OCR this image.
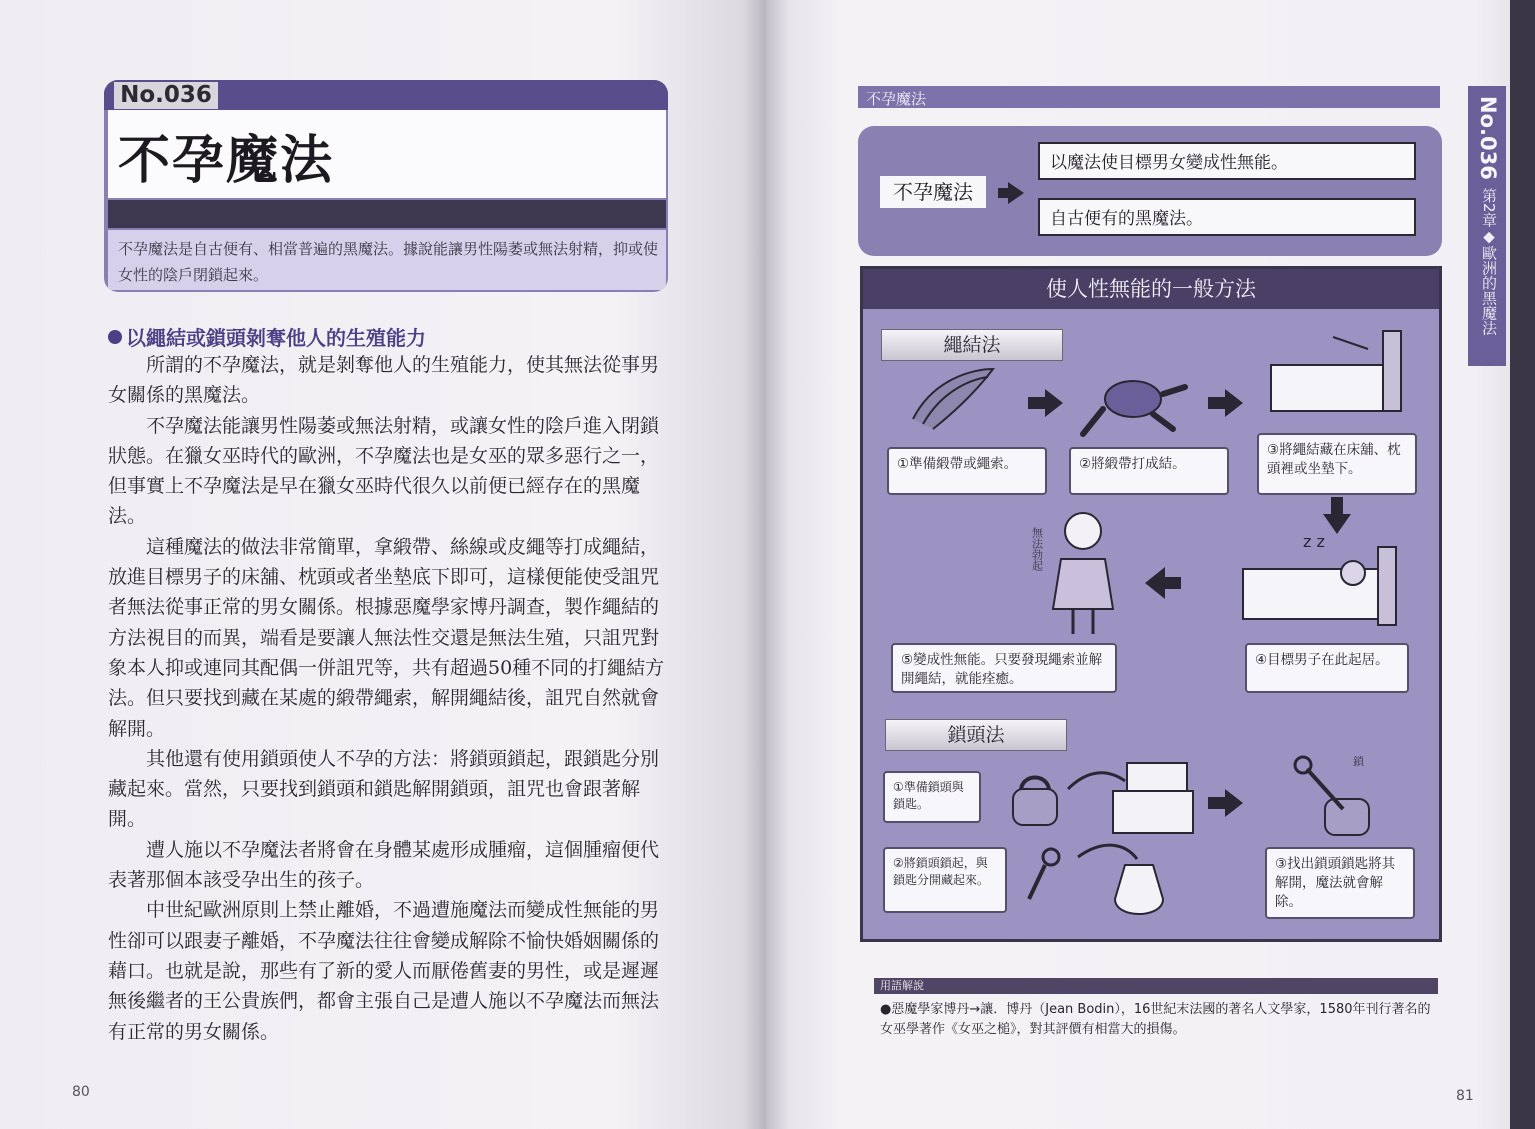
No.036
不孕魔法
不孕魔法是自古便有、相當普遍的黑魔法。據說能讓男性陽萎或無法射精，抑或使女性的陰戶閉鎖起來。
以繩結或鎖頭剝奪他人的生殖能力

所謂的不孕魔法，就是剝奪他人的生殖能力，使其無法從事男女關係的黑魔法。

不孕魔法能讓男性陽萎或無法射精，或讓女性的陰戶進入閉鎖狀態。在獵女巫時代的歐洲，不孕魔法也是女巫的眾多惡行之一，但事實上不孕魔法是早在獵女巫時代很久以前便已經存在的黑魔法。

這種魔法的做法非常簡單，拿緞帶、絲線或皮繩等打成繩結，放進目標男子的床舖、枕頭或者坐墊底下即可，這樣便能使受詛咒者無法從事正常的男女關係。根據惡魔學家博丹調查，製作繩結的方法視目的而異，端看是要讓人無法性交還是無法生殖，只詛咒對象本人抑或連同其配偶一併詛咒等，共有超過50種不同的打繩結方法。但只要找到藏在某處的緞帶繩索，解開繩結後，詛咒自然就會解開。

其他還有使用鎖頭使人不孕的方法：將鎖頭鎖起，跟鎖匙分別藏起來。當然，只要找到鎖頭和鎖匙解開鎖頭，詛咒也會跟著解開。

遭人施以不孕魔法者將會在身體某處形成腫瘤，這個腫瘤便代表著那個本該受孕出生的孩子。

中世紀歐洲原則上禁止離婚，不過遭施魔法而變成性無能的男性卻可以跟妻子離婚，不孕魔法往往會變成解除不愉快婚姻關係的藉口。也就是說，那些有了新的愛人而厭倦舊妻的男性，或是遲遲無後繼者的王公貴族們，都會主張自己是遭人施以不孕魔法而無法有正常的男女關係。

80
不孕魔法	No.036
第2章◆歐洲的黑魔法
不孕魔法
以魔法使目標男女變成性無能。
自古便有的黑魔法。
使人性無能的一般方法
繩結法
z z
無法勃起
鎖
①準備緞帶或繩索。	②將緞帶打成結。
③將繩結藏在床舖、枕頭裡或坐墊下。
④目標男子在此起居。
⑤變成性無能。只要發現繩索並解開繩結，就能痊癒。
鎖頭法
①準備鎖頭與鎖匙。
②將鎖頭鎖起，與鎖匙分開藏起來。
③找出鎖頭鎖匙將其解開，魔法就會解除。
用語解說
●惡魔學家博丹→讓．博丹（Jean Bodin），16世紀末法國的著名人文學家，1580年刊行著名的女巫學著作《女巫之槌》，對其評價有相當大的損傷。
81
